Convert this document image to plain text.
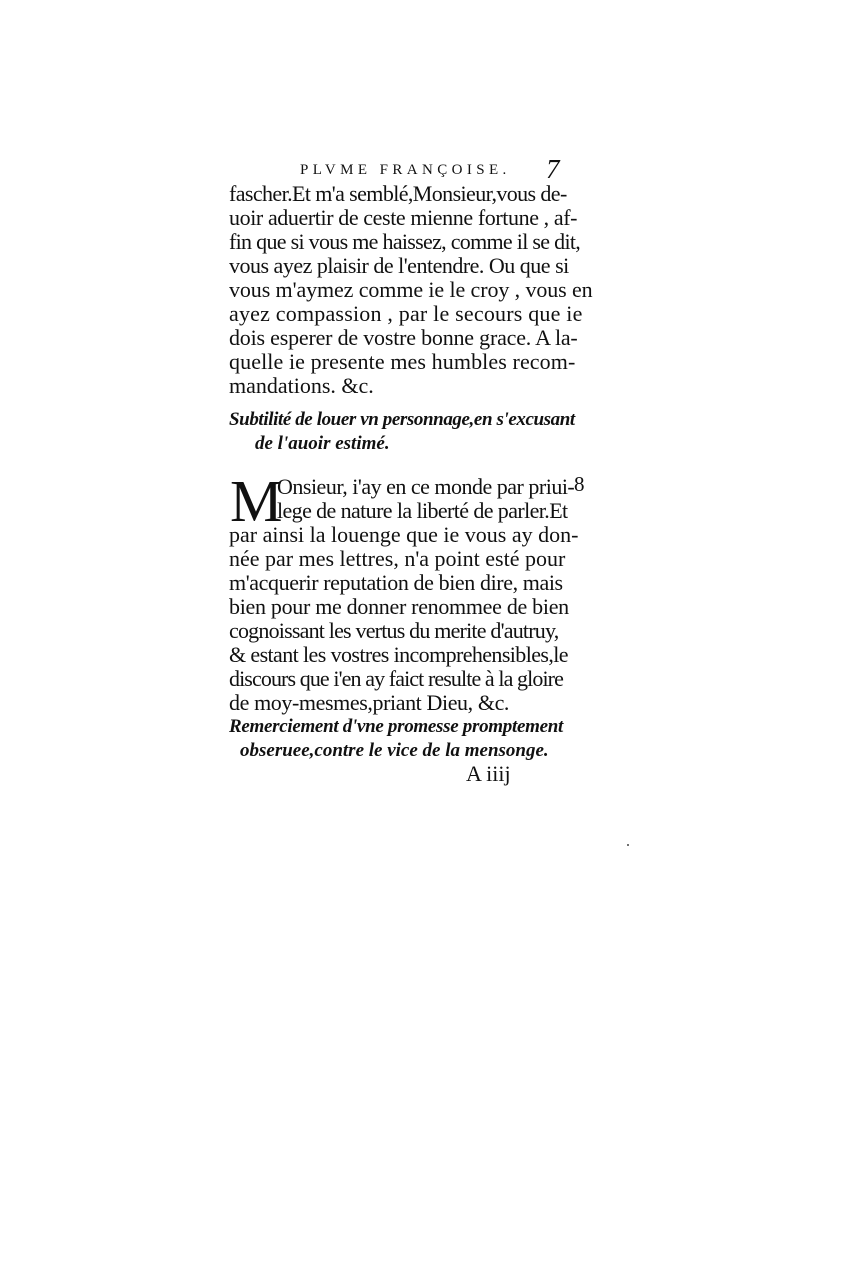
PLVME FRANÇOISE. 7
fascher.Et m'a semblé,Monsieur,vous de-
uoir aduertir de ceste mienne fortune , af-
fin que si vous me haissez, comme il se dit,
vous ayez plaisir de l'entendre. Ou que si
vous m'aymez comme ie le croy , vous en
ayez compassion , par le secours que ie
dois esperer de vostre bonne grace. A la-
quelle ie presente mes humbles recom-
mandations. &c.
Subtilité de louer vn personnage,en s'excusant
de l'auoir estimé.
M	8
Onsieur, i'ay en ce monde par priui-
lege de nature la liberté de parler.Et
par ainsi la louenge que ie vous ay don-
née par mes lettres, n'a point esté pour
m'acquerir reputation de bien dire, mais
bien pour me donner renommee de bien
cognoissant les vertus du merite d'autruy,
& estant les vostres incomprehensibles,le
discours que i'en ay faict resulte à la gloire
de moy-mesmes,priant Dieu, &c.
Remerciement d'vne promesse promptement
obseruee,contre le vice de la mensonge.
A iiij
